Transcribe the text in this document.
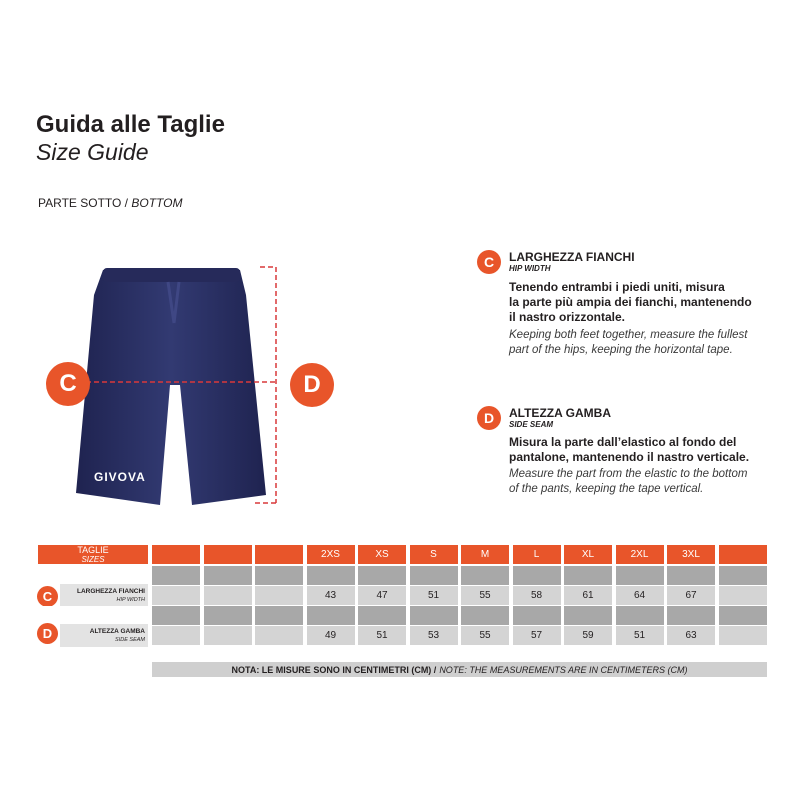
Guida alle Taglie
Size Guide
PARTE SOTTO / BOTTOM
GIVOVA
C	D
C	LARGHEZZA FIANCHI
HIP WIDTH
Tenendo entrambi i piedi uniti, misura
la parte più ampia dei fianchi, mantenendo
il nastro orizzontale.
Keeping both feet together, measure the fullest
part of the hips, keeping the horizontal tape.
D	ALTEZZA GAMBA
SIDE SEAM
Misura la parte dall’elastico al fondo del
pantalone, mantenendo il nastro verticale.
Measure the part from the elastic to the bottom
of the pants, keeping the tape vertical.
TAGLIE
SIZES	2XS	XS	S	M	L	XL	2XL	3XL
LARGHEZZA FIANCHI
HIP WIDTH
C	43	47	51	55	58	61	64	67
ALTEZZA GAMBA
SIDE SEAM
D	49	51	53	55	57	59	51	63
NOTA: LE MISURE SONO IN CENTIMETRI (CM) / NOTE: THE MEASUREMENTS ARE IN CENTIMETERS (CM)
